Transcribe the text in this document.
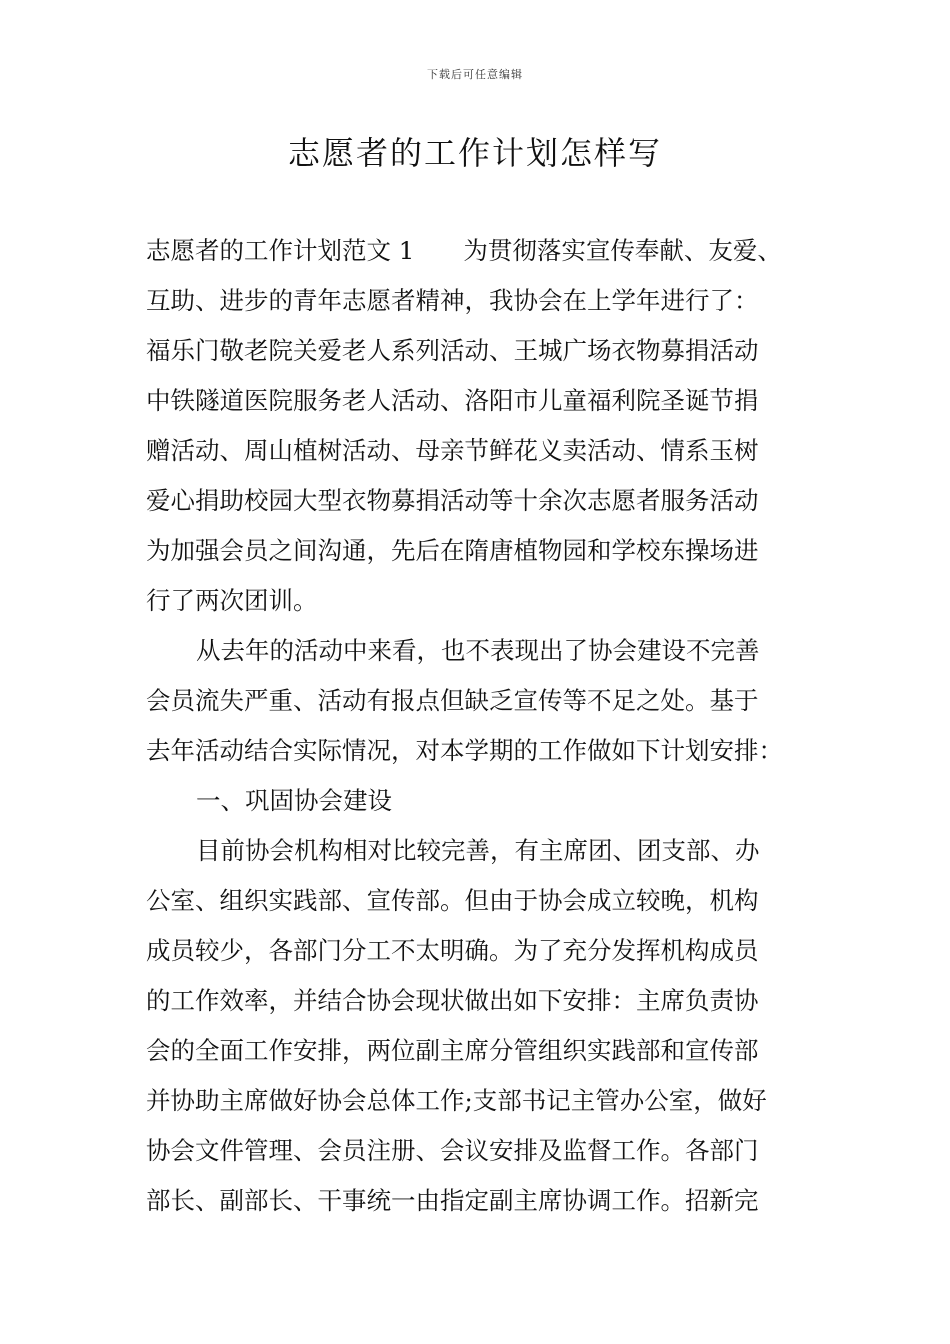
下载后可任意编辑
志愿者的工作计划怎样写
志愿者的工作计划范文 1　　为贯彻落实宣传奉献、友爱、
互助、进步的青年志愿者精神，我协会在上学年进行了：
福乐门敬老院关爱老人系列活动、王城广场衣物募捐活动
中铁隧道医院服务老人活动、洛阳市儿童福利院圣诞节捐
赠活动、周山植树活动、母亲节鲜花义卖活动、情系玉树
爱心捐助校园大型衣物募捐活动等十余次志愿者服务活动
为加强会员之间沟通，先后在隋唐植物园和学校东操场进
行了两次团训。
从去年的活动中来看，也不表现出了协会建设不完善
会员流失严重、活动有报点但缺乏宣传等不足之处。基于
去年活动结合实际情况，对本学期的工作做如下计划安排：
一、巩固协会建设
目前协会机构相对比较完善，有主席团、团支部、办
公室、组织实践部、宣传部。但由于协会成立较晚，机构
成员较少，各部门分工不太明确。为了充分发挥机构成员
的工作效率，并结合协会现状做出如下安排：主席负责协
会的全面工作安排，两位副主席分管组织实践部和宣传部
并协助主席做好协会总体工作;支部书记主管办公室，做好
协会文件管理、会员注册、会议安排及监督工作。各部门
部长、副部长、干事统一由指定副主席协调工作。招新完
